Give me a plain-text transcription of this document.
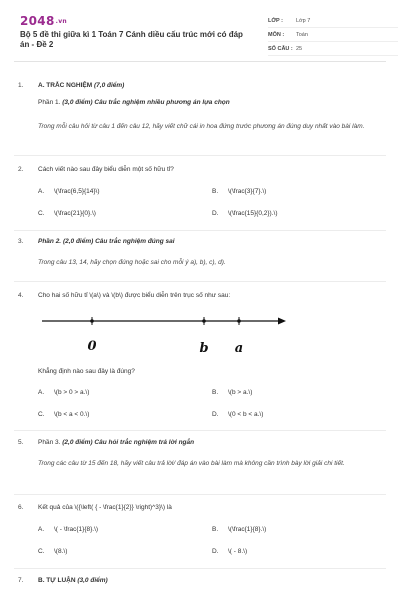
2048.vn
Bộ 5 đề thi giữa kì 1 Toán 7 Cánh diều cấu trúc mới có đáp án - Đề 2
LỚP :	Lớp 7
MÔN :	Toán
SỐ CÂU : 25
1. A. TRẮC NGHIỆM (7,0 điểm)
Phần 1. (3,0 điểm) Câu trắc nghiệm nhiều phương án lựa chọn
Trong mỗi câu hỏi từ câu 1 đến câu 12, hãy viết chữ cái in hoa đứng trước phương án đúng duy nhất vào bài làm.
2. Cách viết nào sau đây biểu diễn một số hữu tỉ?
A. \(\frac{6,5}{14}\)	B. \(\frac{3}{7}.\)
C. \(\frac{21}{0}.\)	D. \(\frac{15}{0,2}).\)
3. Phần 2. (2,0 điểm) Câu trắc nghiệm đúng sai
Trong câu 13, 14, hãy chọn đúng hoặc sai cho mỗi ý a), b), c), d).
4. Cho hai số hữu tỉ \(a\) và \(b\) được biểu diễn trên trục số như sau:
0	b a
Khẳng định nào sau đây là đúng?
A. \(b > 0 > a.\)	B. \(b > a.\)
C. \(b < a < 0.\)	D. \(0 < b < a.\)
5. Phần 3. (2,0 điểm) Câu hỏi trắc nghiệm trả lời ngắn
Trong các câu từ 15 đến 18, hãy viết câu trả lời/ đáp án vào bài làm mà không cần trình bày lời giải chi tiết.
6. Kết quả của \({\left( { - \frac{1}{2}} \right)^3}\) là
A. \( - \frac{1}{8}.\)	B. \(\frac{1}{8}.\)
C. \(8.\)	D. \( - 8.\)
7. B. TỰ LUẬN (3,0 điểm)
